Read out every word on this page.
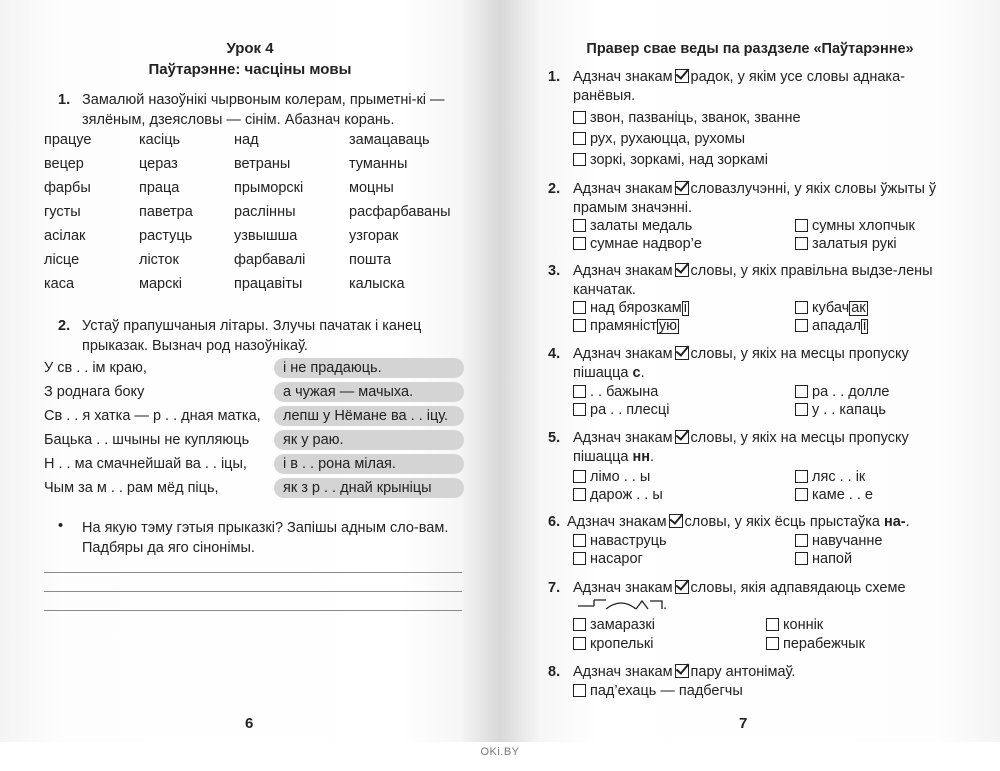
Урок 4
Паўтарэнне: часціны мовы
1. Замалюй назоўнікі чырвоным колерам, прыметні-кі — зялёным, дзеясловы — сінім. Абазнач корань.
працуе	касіць	над	замацаваць
вецер	цераз	ветраны	туманны
фарбы	праца	прыморскі	моцны
густы	паветра	раслінны	расфарбаваны
асілак	растуць	узвышша	узгорак
лісце	лісток	фарбавалі	пошта
каса	марскі	працавіты	калыска
2. Устаў прапушчаныя літары. Злучы пачатак і канец прыказак. Вызнач род назоўнікаў.
У св . . ім краю,	і не прадаюць.
З роднага боку	а чужая — мачыха.
Св . . я хатка — р . . дная матка,	лепш у Нёмане ва . . іцу.
Бацька . . шчыны не купляюць	як у раю.
Н . . ма смачнейшай ва . . іцы,	і в . . рона мілая.
Чым за м . . рам мёд піць,	як з р . . днай крыніцы
• На якую тэму гэтыя прыказкі? Запішы адным сло-вам. Падбяры да яго сінонімы.
6
Правер свае веды па раздзеле «Паўтарэнне»
1. Адзнач знакам радок, у якім усе словы аднака-ранёвыя.
звон, пазваніць, званок, званне
рух, рухаюцца, рухомы
зоркі, зоркамі, над зоркамі
2. Адзнач знакам словазлучэнні, у якіх словы ўжыты ў прамым значэнні.
залаты медаль	сумны хлопчык
сумнае надвор’е	залатыя рукі
3. Адзнач знакам словы, у якіх правільна выдзе-лены канчатак.
над бярозкам і	кубач ак
прамяніст ую	ападал і
4. Адзнач знакам словы, у якіх на месцы пропуску пішацца с.
. . бажына	ра . . долле
ра . . плесці	у . . капаць
5. Адзнач знакам словы, у якіх на месцы пропуску пішацца нн.
лімо . . ы	ляс . . ік
дарож . . ы	каме . . е
6. Адзнач знакам словы, у якіх ёсць прыстаўка на-.
наваструць	навучанне
насарог	напой
7. Адзнач знакам словы, якія адпавядаюць схеме
.
замаразкі	коннік
кропелькі	перабежчык
8. Адзнач знакам пару антонімаў.
пад’ехаць — падбегчы
7
OKi.BY
